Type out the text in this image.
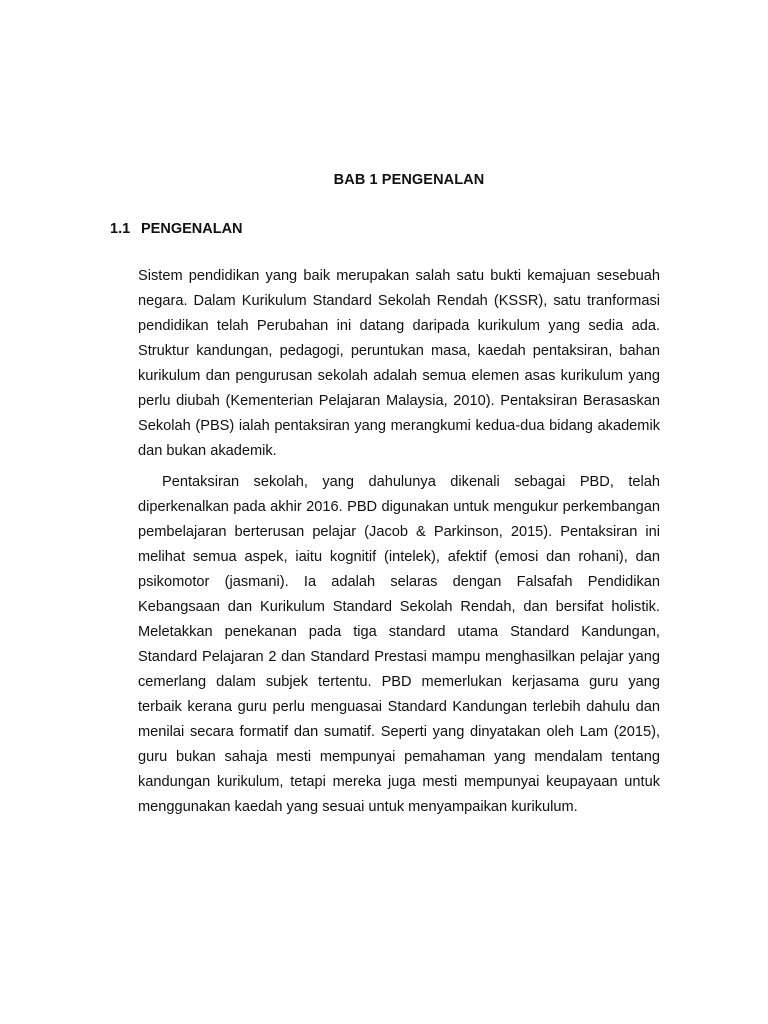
BAB 1 PENGENALAN
1.1 PENGENALAN

Sistem pendidikan yang baik merupakan salah satu bukti kemajuan sesebuah negara. Dalam Kurikulum Standard Sekolah Rendah (KSSR), satu tranformasi pendidikan telah Perubahan ini datang daripada kurikulum yang sedia ada. Struktur kandungan, pedagogi, peruntukan masa, kaedah pentaksiran, bahan kurikulum dan pengurusan sekolah adalah semua elemen asas kurikulum yang perlu diubah (Kementerian Pelajaran Malaysia, 2010). Pentaksiran Berasaskan Sekolah (PBS) ialah pentaksiran yang merangkumi kedua-dua bidang akademik dan bukan akademik.

Pentaksiran sekolah, yang dahulunya dikenali sebagai PBD, telah diperkenalkan pada akhir 2016. PBD digunakan untuk mengukur perkembangan pembelajaran berterusan pelajar (Jacob & Parkinson, 2015). Pentaksiran ini melihat semua aspek, iaitu kognitif (intelek), afektif (emosi dan rohani), dan psikomotor (jasmani). Ia adalah selaras dengan Falsafah Pendidikan Kebangsaan dan Kurikulum Standard Sekolah Rendah, dan bersifat holistik. Meletakkan penekanan pada tiga standard utama Standard Kandungan, Standard Pelajaran 2 dan Standard Prestasi mampu menghasilkan pelajar yang cemerlang dalam subjek tertentu. PBD memerlukan kerjasama guru yang terbaik kerana guru perlu menguasai Standard Kandungan terlebih dahulu dan menilai secara formatif dan sumatif. Seperti yang dinyatakan oleh Lam (2015), guru bukan sahaja mesti mempunyai pemahaman yang mendalam tentang kandungan kurikulum, tetapi mereka juga mesti mempunyai keupayaan untuk menggunakan kaedah yang sesuai untuk menyampaikan kurikulum.
